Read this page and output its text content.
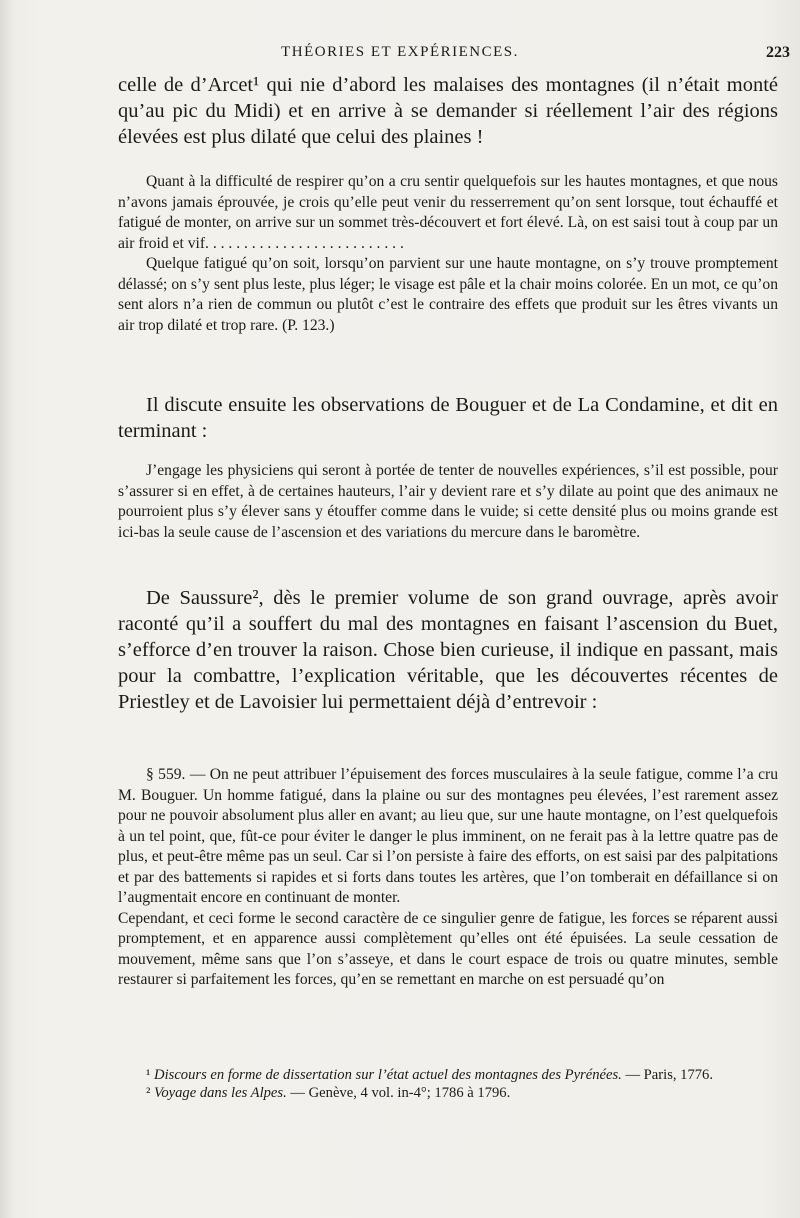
THÉORIES ET EXPÉRIENCES.	223

celle de d’Arcet¹ qui nie d’abord les malaises des montagnes (il n’était monté qu’au pic du Midi) et en arrive à se demander si réellement l’air des régions élevées est plus dilaté que celui des plaines !

Quant à la difficulté de respirer qu’on a cru sentir quelquefois sur les hautes montagnes, et que nous n’avons jamais éprouvée, je crois qu’elle peut venir du resserrement qu’on sent lorsque, tout échauffé et fatigué de monter, on arrive sur un sommet très-découvert et fort élevé. Là, on est saisi tout à coup par un air froid et vif. . . . . . . . . . . . . . . . . . . . . . . . . .

Quelque fatigué qu’on soit, lorsqu’on parvient sur une haute montagne, on s’y trouve promptement délassé; on s’y sent plus leste, plus léger; le visage est pâle et la chair moins colorée. En un mot, ce qu’on sent alors n’a rien de commun ou plutôt c’est le contraire des effets que produit sur les êtres vivants un air trop dilaté et trop rare. (P. 123.)

Il discute ensuite les observations de Bouguer et de La Condamine, et dit en terminant :

J’engage les physiciens qui seront à portée de tenter de nouvelles expériences, s’il est possible, pour s’assurer si en effet, à de certaines hauteurs, l’air y devient rare et s’y dilate au point que des animaux ne pourroient plus s’y élever sans y étouffer comme dans le vuide; si cette densité plus ou moins grande est ici-bas la seule cause de l’ascension et des variations du mercure dans le baromètre.

De Saussure², dès le premier volume de son grand ouvrage, après avoir raconté qu’il a souffert du mal des montagnes en faisant l’ascension du Buet, s’efforce d’en trouver la raison. Chose bien curieuse, il indique en passant, mais pour la combattre, l’explication véritable, que les découvertes récentes de Priestley et de Lavoisier lui permettaient déjà d’entrevoir :

§ 559. — On ne peut attribuer l’épuisement des forces musculaires à la seule fatigue, comme l’a cru M. Bouguer. Un homme fatigué, dans la plaine ou sur des montagnes peu élevées, l’est rarement assez pour ne pouvoir absolument plus aller en avant; au lieu que, sur une haute montagne, on l’est quelquefois à un tel point, que, fût-ce pour éviter le danger le plus imminent, on ne ferait pas à la lettre quatre pas de plus, et peut-être même pas un seul. Car si l’on persiste à faire des efforts, on est saisi par des palpitations et par des battements si rapides et si forts dans toutes les artères, que l’on tomberait en défaillance si on l’augmentait encore en continuant de monter.

Cependant, et ceci forme le second caractère de ce singulier genre de fatigue, les forces se réparent aussi promptement, et en apparence aussi complètement qu’elles ont été épuisées. La seule cessation de mouvement, même sans que l’on s’asseye, et dans le court espace de trois ou quatre minutes, semble restaurer si parfaitement les forces, qu’en se remettant en marche on est persuadé qu’on

¹ Discours en forme de dissertation sur l’état actuel des montagnes des Pyrénées. — Paris, 1776.

² Voyage dans les Alpes. — Genève, 4 vol. in-4°; 1786 à 1796.
